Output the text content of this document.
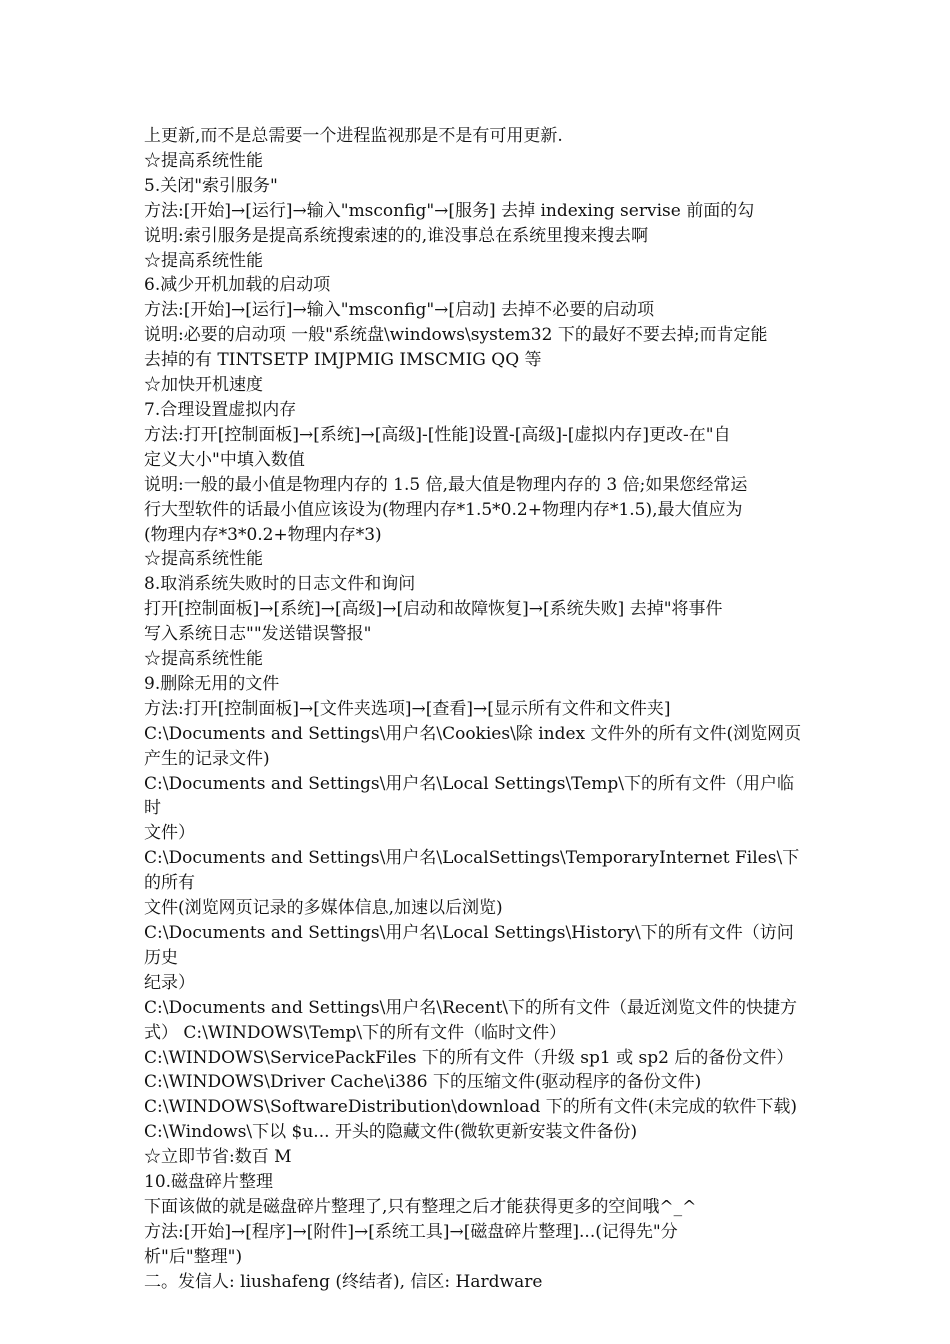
上更新,而不是总需要一个进程监视那是不是有可用更新.
☆提高系统性能
5.关闭"索引服务"
方法:[开始]→[运行]→输入"msconfig"→[服务] 去掉 indexing servise 前面的勾
说明:索引服务是提高系统搜索速的的,谁没事总在系统里搜来搜去啊
☆提高系统性能
6.减少开机加载的启动项
方法:[开始]→[运行]→输入"msconfig"→[启动] 去掉不必要的启动项
说明:必要的启动项 一般"系统盘\windows\system32 下的最好不要去掉;而肯定能
去掉的有 TINTSETP IMJPMIG IMSCMIG QQ 等
☆加快开机速度
7.合理设置虚拟内存
方法:打开[控制面板]→[系统]→[高级]-[性能]设置-[高级]-[虚拟内存]更改-在"自
定义大小"中填入数值
说明:一般的最小值是物理内存的 1.5 倍,最大值是物理内存的 3 倍;如果您经常运
行大型软件的话最小值应该设为(物理内存*1.5*0.2+物理内存*1.5),最大值应为
(物理内存*3*0.2+物理内存*3)
☆提高系统性能
8.取消系统失败时的日志文件和询问
打开[控制面板]→[系统]→[高级]→[启动和故障恢复]→[系统失败] 去掉"将事件
写入系统日志""发送错误警报"
☆提高系统性能
9.删除无用的文件
方法:打开[控制面板]→[文件夹选项]→[查看]→[显示所有文件和文件夹]
C:\Documents and Settings\用户名\Cookies\除 index 文件外的所有文件(浏览网页
产生的记录文件)
C:\Documents and Settings\用户名\Local Settings\Temp\下的所有文件（用户临时
文件）
C:\Documents and Settings\用户名\LocalSettings\TemporaryInternet Files\下的所有
文件(浏览网页记录的多媒体信息,加速以后浏览)
C:\Documents and Settings\用户名\Local Settings\History\下的所有文件（访问历史
纪录）
C:\Documents and Settings\用户名\Recent\下的所有文件（最近浏览文件的快捷方
式） C:\WINDOWS\Temp\下的所有文件（临时文件）
C:\WINDOWS\ServicePackFiles 下的所有文件（升级 sp1 或 sp2 后的备份文件）
C:\WINDOWS\Driver Cache\i386 下的压缩文件(驱动程序的备份文件)
C:\WINDOWS\SoftwareDistribution\download 下的所有文件(未完成的软件下载)
C:\Windows\下以 $u... 开头的隐藏文件(微软更新安装文件备份)
☆立即节省:数百 M
10.磁盘碎片整理
下面该做的就是磁盘碎片整理了,只有整理之后才能获得更多的空间哦^_^
方法:[开始]→[程序]→[附件]→[系统工具]→[磁盘碎片整理]...(记得先"分
析"后"整理")
二。发信人: liushafeng (终结者), 信区: Hardware
